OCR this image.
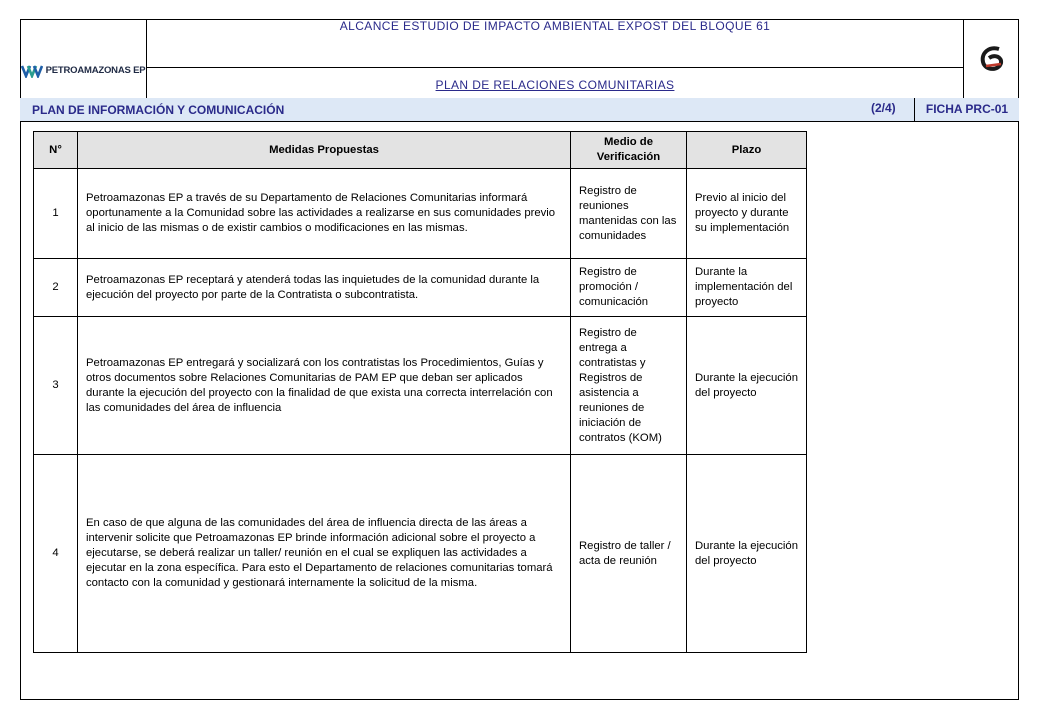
PETROAMAZONAS EP
ALCANCE ESTUDIO DE IMPACTO AMBIENTAL EXPOST DEL BLOQUE 61
PLAN DE RELACIONES COMUNITARIAS
PLAN DE INFORMACIÓN Y COMUNICACIÓN	(2/4)	FICHA PRC-01
N°	Medidas Propuestas	Medio de Verificación	Plazo
1	Petroamazonas EP a través de su Departamento de Relaciones Comunitarias informará oportunamente a la Comunidad sobre las actividades a realizarse en sus comunidades previo al inicio de las mismas o de existir cambios o modificaciones en las mismas.	Registro de reuniones mantenidas con las comunidades	Previo al inicio del proyecto y durante su implementación
2	Petroamazonas EP receptará y atenderá todas las inquietudes de la comunidad durante la ejecución del proyecto por parte de la Contratista o subcontratista.	Registro de promoción / comunicación	Durante la implementación del proyecto
3	Petroamazonas EP entregará y socializará con los contratistas los Procedimientos, Guías y otros documentos sobre Relaciones Comunitarias de PAM EP que deban ser aplicados durante la ejecución del proyecto con la finalidad de que exista una correcta interrelación con las comunidades del área de influencia	Registro de entrega a contratistas y Registros de asistencia a reuniones de iniciación de contratos (KOM)	Durante la ejecución del proyecto
4	En caso de que alguna de las comunidades del área de influencia directa de las áreas a intervenir solicite que Petroamazonas EP brinde información adicional sobre el proyecto a ejecutarse, se deberá realizar un taller/ reunión en el cual se expliquen las actividades a ejecutar en la zona específica. Para esto el Departamento de relaciones comunitarias tomará contacto con la comunidad y gestionará internamente la solicitud de la misma.	Registro de taller / acta de reunión	Durante la ejecución del proyecto
